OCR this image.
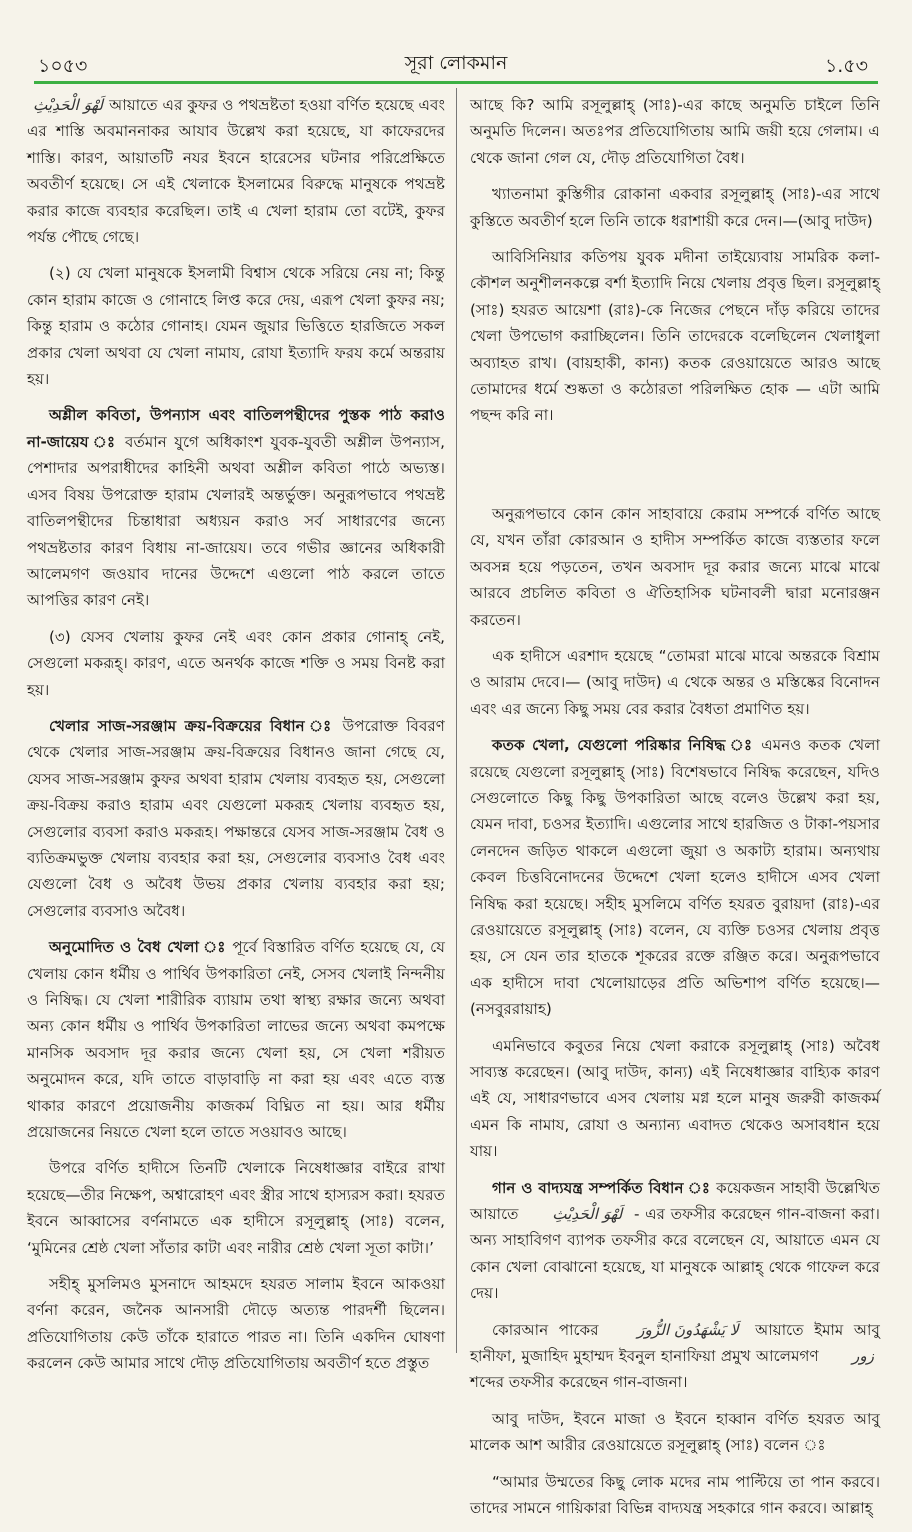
১০৫৩	সূরা লোকমান	১.৫৩

لَهْوَ الْحَدِيْثِ আয়াতে এর কুফর ও পথভ্রষ্টতা হওয়া বর্ণিত হয়েছে এবং এর শাস্তি অবমাননাকর আযাব উল্লেখ করা হয়েছে, যা কাফেরদের শাস্তি। কারণ, আয়াতটি নযর ইবনে হারেসের ঘটনার পরিপ্রেক্ষিতে অবতীর্ণ হয়েছে। সে এই খেলাকে ইসলামের বিরুদ্ধে মানুষকে পথভ্রষ্ট করার কাজে ব্যবহার করেছিল। তাই এ খেলা হারাম তো বটেই, কুফর পর্যন্ত পৌছে গেছে।

(২) যে খেলা মানুষকে ইসলামী বিশ্বাস থেকে সরিয়ে নেয় না; কিন্তু কোন হারাম কাজে ও গোনাহে লিপ্ত করে দেয়, এরূপ খেলা কুফর নয়; কিন্তু হারাম ও কঠোর গোনাহ। যেমন জুয়ার ভিত্তিতে হারজিতে সকল প্রকার খেলা অথবা যে খেলা নামায, রোযা ইত্যাদি ফরয কর্মে অন্তরায় হয়।

অশ্লীল কবিতা, উপন্যাস এবং বাতিলপন্থীদের পুস্তক পাঠ করাও না-জায়েয ঃ বর্তমান যুগে অধিকাংশ যুবক-যুবতী অশ্লীল উপন্যাস, পেশাদার অপরাধীদের কাহিনী অথবা অশ্লীল কবিতা পাঠে অভ্যস্ত। এসব বিষয় উপরোক্ত হারাম খেলারই অন্তর্ভুক্ত। অনুরূপভাবে পথভ্রষ্ট বাতিলপন্থীদের চিন্তাধারা অধ্যয়ন করাও সর্ব সাধারণের জন্যে পথভ্রষ্টতার কারণ বিধায় না-জায়েয। তবে গভীর জ্ঞানের অধিকারী আলেমগণ জওয়াব দানের উদ্দেশে এগুলো পাঠ করলে তাতে আপত্তির কারণ নেই।

(৩) যেসব খেলায় কুফর নেই এবং কোন প্রকার গোনাহ্ নেই, সেগুলো মকরূহ্। কারণ, এতে অনর্থক কাজে শক্তি ও সময় বিনষ্ট করা হয়।

খেলার সাজ-সরঞ্জাম ক্রয়-বিক্রয়ের বিধান ঃ উপরোক্ত বিবরণ থেকে খেলার সাজ-সরঞ্জাম ক্রয়-বিক্রয়ের বিধানও জানা গেছে যে, যেসব সাজ-সরঞ্জাম কুফর অথবা হারাম খেলায় ব্যবহৃত হয়, সেগুলো ক্রয়-বিক্রয় করাও হারাম এবং যেগুলো মকরূহ খেলায় ব্যবহৃত হয়, সেগুলোর ব্যবসা করাও মকরূহ। পক্ষান্তরে যেসব সাজ-সরঞ্জাম বৈধ ও ব্যতিক্রমভুক্ত খেলায় ব্যবহার করা হয়, সেগুলোর ব্যবসাও বৈধ এবং যেগুলো বৈধ ও অবৈধ উভয় প্রকার খেলায় ব্যবহার করা হয়; সেগুলোর ব্যবসাও অবৈধ।

অনুমোদিত ও বৈধ খেলা ঃ পূর্বে বিস্তারিত বর্ণিত হয়েছে যে, যে খেলায় কোন ধর্মীয় ও পার্থিব উপকারিতা নেই, সেসব খেলাই নিন্দনীয় ও নিষিদ্ধ। যে খেলা শারীরিক ব্যায়াম তথা স্বাস্থ্য রক্ষার জন্যে অথবা অন্য কোন ধর্মীয় ও পার্থিব উপকারিতা লাভের জন্যে অথবা কমপক্ষে মানসিক অবসাদ দূর করার জন্যে খেলা হয়, সে খেলা শরীয়ত অনুমোদন করে, যদি তাতে বাড়াবাড়ি না করা হয় এবং এতে ব্যস্ত থাকার কারণে প্রয়োজনীয় কাজকর্ম বিঘ্নিত না হয়। আর ধর্মীয় প্রয়োজনের নিয়তে খেলা হলে তাতে সওয়াবও আছে।

উপরে বর্ণিত হাদীসে তিনটি খেলাকে নিষেধাজ্ঞার বাইরে রাখা হয়েছে—তীর নিক্ষেপ, অশ্বারোহণ এবং স্ত্রীর সাথে হাস্যরস করা। হযরত ইবনে আব্বাসের বর্ণনামতে এক হাদীসে রসূলুল্লাহ্ (সাঃ) বলেন, ‘মুমিনের শ্রেষ্ঠ খেলা সাঁতার কাটা এবং নারীর শ্রেষ্ঠ খেলা সূতা কাটা।’

সহীহ্ মুসলিমও মুসনাদে আহমদে হযরত সালাম ইবনে আকওয়া বর্ণনা করেন, জনৈক আনসারী দৌড়ে অত্যন্ত পারদর্শী ছিলেন। প্রতিযোগিতায় কেউ তাঁকে হারাতে পারত না। তিনি একদিন ঘোষণা করলেন কেউ আমার সাথে দৌড় প্রতিযোগিতায় অবতীর্ণ হতে প্রস্তুত

আছে কি? আমি রসূলুল্লাহ্ (সাঃ)-এর কাছে অনুমতি চাইলে তিনি অনুমতি দিলেন। অতঃপর প্রতিযোগিতায় আমি জয়ী হয়ে গেলাম। এ থেকে জানা গেল যে, দৌড় প্রতিযোগিতা বৈধ।

খ্যাতনামা কুস্তিগীর রোকানা একবার রসূলুল্লাহ্ (সাঃ)-এর সাথে কুস্তিতে অবতীর্ণ হলে তিনি তাকে ধরাশায়ী করে দেন।—(আবু দাউদ)

আবিসিনিয়ার কতিপয় যুবক মদীনা তাইয়্যেবায় সামরিক কলা-কৌশল অনুশীলনকল্পে বর্শা ইত্যাদি নিয়ে খেলায় প্রবৃত্ত ছিল। রসূলুল্লাহ্ (সাঃ) হযরত আয়েশা (রাঃ)-কে নিজের পেছনে দাঁড় করিয়ে তাদের খেলা উপভোগ করাচ্ছিলেন। তিনি তাদেরকে বলেছিলেন খেলাধুলা অব্যাহত রাখ। (বায়হাকী, কান্য) কতক রেওয়ায়েতে আরও আছে তোমাদের ধর্মে শুষ্কতা ও কঠোরতা পরিলক্ষিত হোক — এটা আমি পছন্দ করি না।

অনুরূপভাবে কোন কোন সাহাবায়ে কেরাম সম্পর্কে বর্ণিত আছে যে, যখন তাঁরা কোরআন ও হাদীস সম্পর্কিত কাজে ব্যস্ততার ফলে অবসন্ন হয়ে পড়তেন, তখন অবসাদ দূর করার জন্যে মাঝে মাঝে আরবে প্রচলিত কবিতা ও ঐতিহাসিক ঘটনাবলী দ্বারা মনোরঞ্জন করতেন।

এক হাদীসে এরশাদ হয়েছে “তোমরা মাঝে মাঝে অন্তরকে বিশ্রাম ও আরাম দেবে।— (আবু দাউদ) এ থেকে অন্তর ও মস্তিষ্কের বিনোদন এবং এর জন্যে কিছু সময় বের করার বৈধতা প্রমাণিত হয়।

কতক খেলা, যেগুলো পরিষ্কার নিষিদ্ধ ঃ এমনও কতক খেলা রয়েছে যেগুলো রসূলুল্লাহ্ (সাঃ) বিশেষভাবে নিষিদ্ধ করেছেন, যদিও সেগুলোতে কিছু কিছু উপকারিতা আছে বলেও উল্লেখ করা হয়, যেমন দাবা, চওসর ইত্যাদি। এগুলোর সাথে হারজিত ও টাকা-পয়সার লেনদেন জড়িত থাকলে এগুলো জুয়া ও অকাট্য হারাম। অন্যথায় কেবল চিত্তবিনোদনের উদ্দেশে খেলা হলেও হাদীসে এসব খেলা নিষিদ্ধ করা হয়েছে। সহীহ মুসলিমে বর্ণিত হযরত বুরায়দা (রাঃ)-এর রেওয়ায়েতে রসূলুল্লাহ্ (সাঃ) বলেন, যে ব্যক্তি চওসর খেলায় প্রবৃত্ত হয়, সে যেন তার হাতকে শূকরের রক্তে রঞ্জিত করে। অনুরূপভাবে এক হাদীসে দাবা খেলোয়াড়ের প্রতি অভিশাপ বর্ণিত হয়েছে।— (নসবুররায়াহ)

এমনিভাবে কবুতর নিয়ে খেলা করাকে রসূলুল্লাহ্ (সাঃ) অবৈধ সাব্যস্ত করেছেন। (আবু দাউদ, কান্য) এই নিষেধাজ্ঞার বাহ্যিক কারণ এই যে, সাধারণভাবে এসব খেলায় মগ্ন হলে মানুষ জরুরী কাজকর্ম এমন কি নামায, রোযা ও অন্যান্য এবাদত থেকেও অসাবধান হয়ে যায়।

গান ও বাদ্যযন্ত্র সম্পর্কিত বিধান ঃ কয়েকজন সাহাবী উল্লেখিত আয়াতে لَهْوَ الْحَدِيْثِ - এর তফসীর করেছেন গান-বাজনা করা। অন্য সাহাবিগণ ব্যাপক তফসীর করে বলেছেন যে, আয়াতে এমন যে কোন খেলা বোঝানো হয়েছে, যা মানুষকে আল্লাহ্ থেকে গাফেল করে দেয়।

কোরআন পাকের لَا يَشْهَدُونَ الزُّورَ আয়াতে ইমাম আবু হানীফা, মুজাহিদ মুহাম্মদ ইবনুল হানাফিয়া প্রমুখ আলেমগণ زور শব্দের তফসীর করেছেন গান-বাজনা।

আবু দাউদ, ইবনে মাজা ও ইবনে হাব্বান বর্ণিত হযরত আবু মালেক আশ আরীর রেওয়ায়েতে রসূলুল্লাহ্ (সাঃ) বলেন ঃ

“আমার উম্মতের কিছু লোক মদের নাম পাল্টিয়ে তা পান করবে। তাদের সামনে গায়িকারা বিভিন্ন বাদ্যযন্ত্র সহকারে গান করবে। আল্লাহ্
